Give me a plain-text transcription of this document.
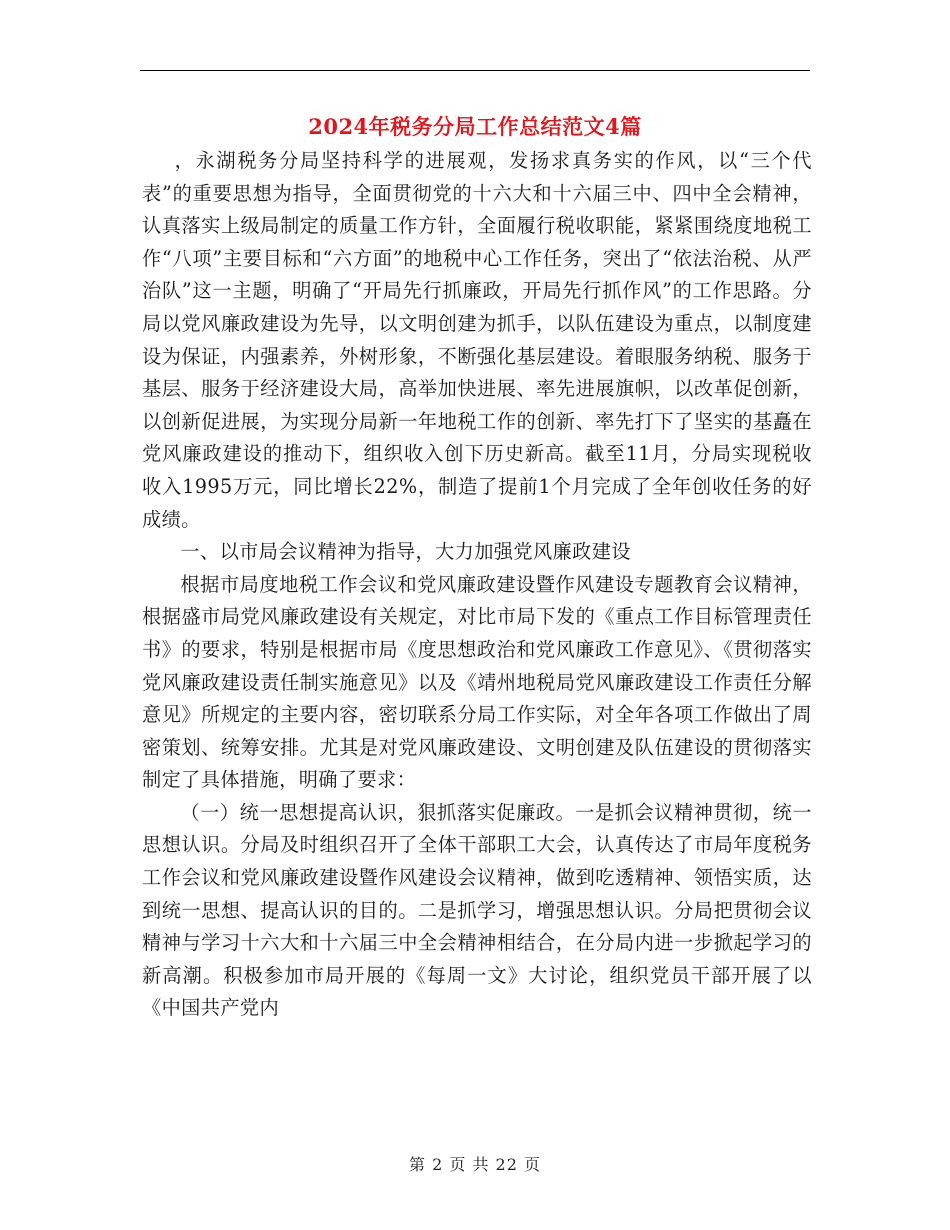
2024年税务分局工作总结范文4篇

，永湖税务分局坚持科学的进展观，发扬求真务实的作风，以“三个代表”的重要思想为指导，全面贯彻党的十六大和十六届三中、四中全会精神，认真落实上级局制定的质量工作方针，全面履行税收职能，紧紧围绕度地税工作“八项”主要目标和“六方面”的地税中心工作任务，突出了“依法治税、从严治队”这一主题，明确了“开局先行抓廉政，开局先行抓作风”的工作思路。分局以党风廉政建设为先导，以文明创建为抓手，以队伍建设为重点，以制度建设为保证，内强素养，外树形象，不断强化基层建设。着眼服务纳税、服务于基层、服务于经济建设大局，高举加快进展、率先进展旗帜，以改革促创新，以创新促进展，为实现分局新一年地税工作的创新、率先打下了坚实的基矗在党风廉政建设的推动下，组织收入创下历史新高。截至11月，分局实现税收收入1995万元，同比增长22%，制造了提前1个月完成了全年创收任务的好成绩。

一、以市局会议精神为指导，大力加强党风廉政建设

根据市局度地税工作会议和党风廉政建设暨作风建设专题教育会议精神，根据盛市局党风廉政建设有关规定，对比市局下发的《重点工作目标管理责任书》的要求，特别是根据市局《度思想政治和党风廉政工作意见》、《贯彻落实党风廉政建设责任制实施意见》以及《靖州地税局党风廉政建设工作责任分解意见》所规定的主要内容，密切联系分局工作实际，对全年各项工作做出了周密策划、统筹安排。尤其是对党风廉政建设、文明创建及队伍建设的贯彻落实制定了具体措施，明确了要求：

（一）统一思想提高认识，狠抓落实促廉政。一是抓会议精神贯彻，统一思想认识。分局及时组织召开了全体干部职工大会，认真传达了市局年度税务工作会议和党风廉政建设暨作风建设会议精神，做到吃透精神、领悟实质，达到统一思想、提高认识的目的。二是抓学习，增强思想认识。分局把贯彻会议精神与学习十六大和十六届三中全会精神相结合，在分局内进一步掀起学习的新高潮。积极参加市局开展的《每周一文》大讨论，组织党员干部开展了以《中国共产党内

第 2 页 共 22 页
